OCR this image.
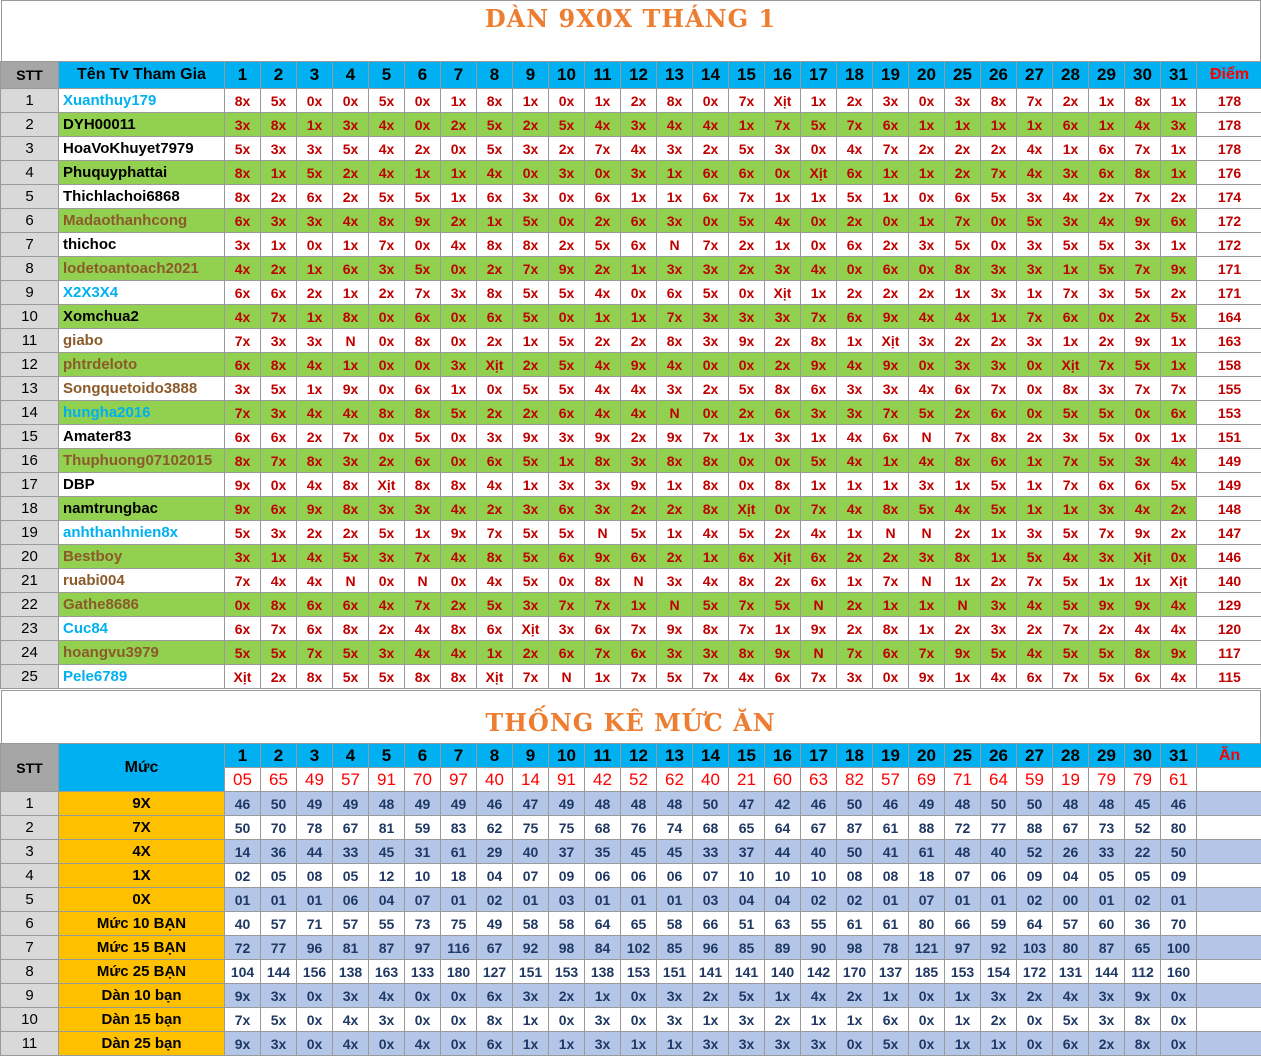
DÀN 9X0X THÁNG 1
STT	Tên Tv Tham Gia	1	2	3	4	5	6	7	8	9	10	11	12	13	14	15	16	17	18	19	20	25	26	27	28	29	30	31	Điểm
1	Xuanthuy179	8x	5x	0x	0x	5x	0x	1x	8x	1x	0x	1x	2x	8x	0x	7x	Xịt	1x	2x	3x	0x	3x	8x	7x	2x	1x	8x	1x	178
2	DYH00011	3x	8x	1x	3x	4x	0x	2x	5x	2x	5x	4x	3x	4x	4x	1x	7x	5x	7x	6x	1x	1x	1x	1x	6x	1x	4x	3x	178
3	HoaVoKhuyet7979	5x	3x	3x	5x	4x	2x	0x	5x	3x	2x	7x	4x	3x	2x	5x	3x	0x	4x	7x	2x	2x	2x	4x	1x	6x	7x	1x	178
4	Phuquyphattai	8x	1x	5x	2x	4x	1x	1x	4x	0x	3x	0x	3x	1x	6x	6x	0x	Xịt	6x	1x	1x	2x	7x	4x	3x	6x	8x	1x	176
5	Thichlachoi6868	8x	2x	6x	2x	5x	5x	1x	6x	3x	0x	6x	1x	1x	6x	7x	1x	1x	5x	1x	0x	6x	5x	3x	4x	2x	7x	2x	174
6	Madaothanhcong	6x	3x	3x	4x	8x	9x	2x	1x	5x	0x	2x	6x	3x	0x	5x	4x	0x	2x	0x	1x	7x	0x	5x	3x	4x	9x	6x	172
7	thichoc	3x	1x	0x	1x	7x	0x	4x	8x	8x	2x	5x	6x	N	7x	2x	1x	0x	6x	2x	3x	5x	0x	3x	5x	5x	3x	1x	172
8	lodetoantoach2021	4x	2x	1x	6x	3x	5x	0x	2x	7x	9x	2x	1x	3x	3x	2x	3x	4x	0x	6x	0x	8x	3x	3x	1x	5x	7x	9x	171
9	X2X3X4	6x	6x	2x	1x	2x	7x	3x	8x	5x	5x	4x	0x	6x	5x	0x	Xịt	1x	2x	2x	2x	1x	3x	1x	7x	3x	5x	2x	171
10	Xomchua2	4x	7x	1x	8x	0x	6x	0x	6x	5x	0x	1x	1x	7x	3x	3x	3x	7x	6x	9x	4x	4x	1x	7x	6x	0x	2x	5x	164
11	giabo	7x	3x	3x	N	0x	8x	0x	2x	1x	5x	2x	2x	8x	3x	9x	2x	8x	1x	Xịt	3x	2x	2x	3x	1x	2x	9x	1x	163
12	phtrdeloto	6x	8x	4x	1x	0x	0x	3x	Xịt	2x	5x	4x	9x	4x	0x	0x	2x	9x	4x	9x	0x	3x	3x	0x	Xịt	7x	5x	1x	158
13	Songquetoido3888	3x	5x	1x	9x	0x	6x	1x	0x	5x	5x	4x	4x	3x	2x	5x	8x	6x	3x	3x	4x	6x	7x	0x	8x	3x	7x	7x	155
14	hungha2016	7x	3x	4x	4x	8x	8x	5x	2x	2x	6x	4x	4x	N	0x	2x	6x	3x	3x	7x	5x	2x	6x	0x	5x	5x	0x	6x	153
15	Amater83	6x	6x	2x	7x	0x	5x	0x	3x	9x	3x	9x	2x	9x	7x	1x	3x	1x	4x	6x	N	7x	8x	2x	3x	5x	0x	1x	151
16	Thuphuong07102015	8x	7x	8x	3x	2x	6x	0x	6x	5x	1x	8x	3x	8x	8x	0x	0x	5x	4x	1x	4x	8x	6x	1x	7x	5x	3x	4x	149
17	DBP	9x	0x	4x	8x	Xịt	8x	8x	4x	1x	3x	3x	9x	1x	8x	0x	8x	1x	1x	1x	3x	1x	5x	1x	7x	6x	6x	5x	149
18	namtrungbac	9x	6x	9x	8x	3x	3x	4x	2x	3x	6x	3x	2x	2x	8x	Xịt	0x	7x	4x	8x	5x	4x	5x	1x	1x	3x	4x	2x	148
19	anhthanhnien8x	5x	3x	2x	2x	5x	1x	9x	7x	5x	5x	N	5x	1x	4x	5x	2x	4x	1x	N	N	2x	1x	3x	5x	7x	9x	2x	147
20	Bestboy	3x	1x	4x	5x	3x	7x	4x	8x	5x	6x	9x	6x	2x	1x	6x	Xịt	6x	2x	2x	3x	8x	1x	5x	4x	3x	Xịt	0x	146
21	ruabi004	7x	4x	4x	N	0x	N	0x	4x	5x	0x	8x	N	3x	4x	8x	2x	6x	1x	7x	N	1x	2x	7x	5x	1x	1x	Xịt	140
22	Gathe8686	0x	8x	6x	6x	4x	7x	2x	5x	3x	7x	7x	1x	N	5x	7x	5x	N	2x	1x	1x	N	3x	4x	5x	9x	9x	4x	129
23	Cuc84	6x	7x	6x	8x	2x	4x	8x	6x	Xịt	3x	6x	7x	9x	8x	7x	1x	9x	2x	8x	1x	2x	3x	2x	7x	2x	4x	4x	120
24	hoangvu3979	5x	5x	7x	5x	3x	4x	4x	1x	2x	6x	7x	6x	3x	3x	8x	9x	N	7x	6x	7x	9x	5x	4x	5x	5x	8x	9x	117
25	Pele6789	Xịt	2x	8x	5x	5x	8x	8x	Xịt	7x	N	1x	7x	5x	7x	4x	6x	7x	3x	0x	9x	1x	4x	6x	7x	5x	6x	4x	115
THỐNG KÊ MỨC ĂN
STT	Mức	1	2	3	4	5	6	7	8	9	10	11	12	13	14	15	16	17	18	19	20	25	26	27	28	29	30	31	Ăn
		05	65	49	57	91	70	97	40	14	91	42	52	62	40	21	60	63	82	57	69	71	64	59	19	79	79	61	
1	9X	46	50	49	49	48	49	49	46	47	49	48	48	48	50	47	42	46	50	46	49	48	50	50	48	48	45	46	
2	7X	50	70	78	67	81	59	83	62	75	75	68	76	74	68	65	64	67	87	61	88	72	77	88	67	73	52	80	
3	4X	14	36	44	33	45	31	61	29	40	37	35	45	45	33	37	44	40	50	41	61	48	40	52	26	33	22	50	
4	1X	02	05	08	05	12	10	18	04	07	09	06	06	06	07	10	10	10	08	08	18	07	06	09	04	05	05	09	
5	0X	01	01	01	06	04	07	01	02	01	03	01	01	01	03	04	04	02	02	01	07	01	01	02	00	01	02	01	
6	Mức 10 BẠN	40	57	71	57	55	73	75	49	58	58	64	65	58	66	51	63	55	61	61	80	66	59	64	57	60	36	70	
7	Mức 15 BẠN	72	77	96	81	87	97	116	67	92	98	84	102	85	96	85	89	90	98	78	121	97	92	103	80	87	65	100	
8	Mức 25 BẠN	104	144	156	138	163	133	180	127	151	153	138	153	151	141	141	140	142	170	137	185	153	154	172	131	144	112	160	
9	Dàn 10 bạn	9x	3x	0x	3x	4x	0x	0x	6x	3x	2x	1x	0x	3x	2x	5x	1x	4x	2x	1x	0x	1x	3x	2x	4x	3x	9x	0x	
10	Dàn 15 bạn	7x	5x	0x	4x	3x	0x	0x	8x	1x	0x	3x	0x	3x	1x	3x	2x	1x	1x	6x	0x	1x	2x	0x	5x	3x	8x	0x	
11	Dàn 25 bạn	9x	3x	0x	4x	0x	4x	0x	6x	1x	1x	3x	1x	1x	3x	3x	3x	3x	0x	5x	0x	1x	1x	0x	6x	2x	8x	0x	
